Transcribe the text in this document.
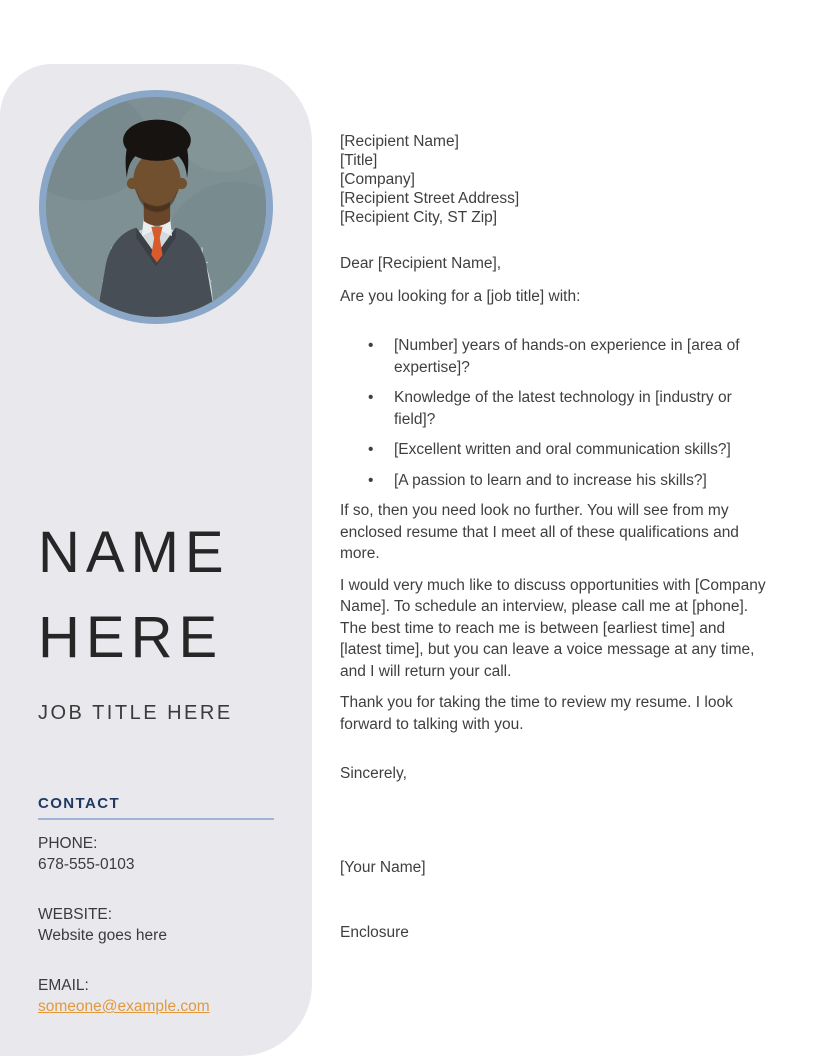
NAME
HERE
JOB TITLE HERE
CONTACT
PHONE:
678-555-0103
WEBSITE:
Website goes here
EMAIL:
someone@example.com
[Recipient Name]
[Title]
[Company]
[Recipient Street Address]
[Recipient City, ST Zip]

Dear [Recipient Name],

Are you looking for a [job title] with:

•	[Number] years of hands-on experience in [area of expertise]?
•	Knowledge of the latest technology in [industry or field]?
•	[Excellent written and oral communication skills?]
•	[A passion to learn and to increase his skills?]

If so, then you need look no further. You will see from my enclosed resume that I meet all of these qualifications and more.

I would very much like to discuss opportunities with [Company Name]. To schedule an interview, please call me at [phone]. The best time to reach me is between [earliest time] and [latest time], but you can leave a voice message at any time, and I will return your call.

Thank you for taking the time to review my resume. I look forward to talking with you.

Sincerely,

[Your Name]

Enclosure
